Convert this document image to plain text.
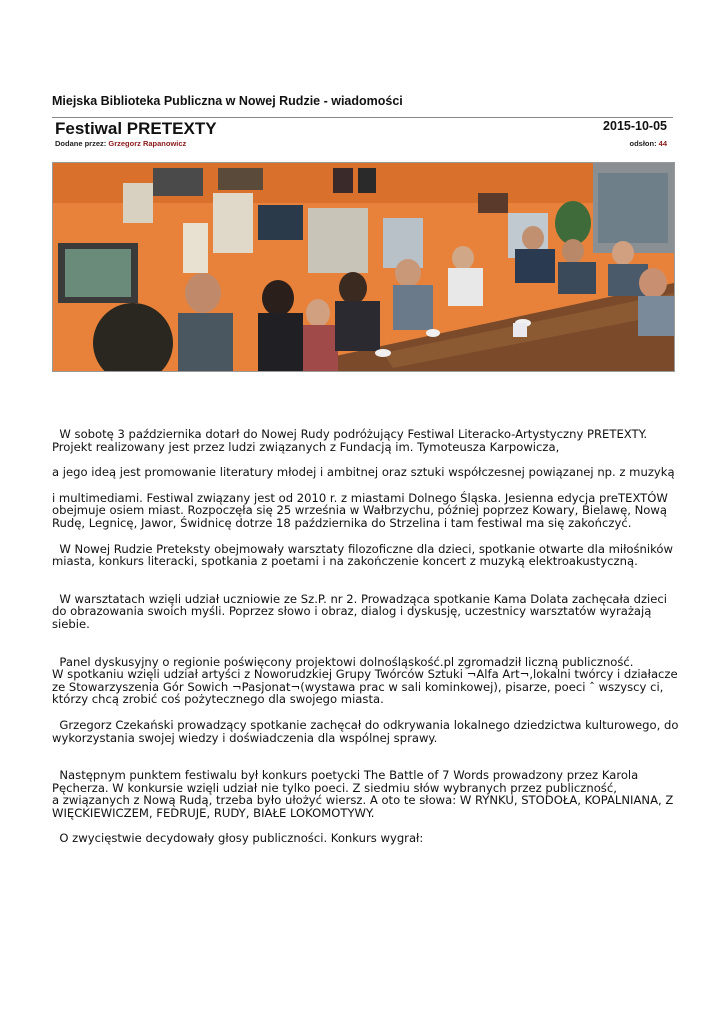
Miejska Biblioteka Publiczna w Nowej Rudzie - wiadomości
Festiwal PRETEXTY	2015-10-05
Dodane przez: Grzegorz Rapanowicz	odsłon: 44

W sobotę 3 października dotarł do Nowej Rudy podróżujący Festiwal Literacko-Artystyczny PRETEXTY. Projekt realizowany jest przez ludzi związanych z Fundacją im. Tymoteusza Karpowicza,

a jego ideą jest promowanie literatury młodej i ambitnej oraz sztuki współczesnej powiązanej np. z muzyką

i multimediami. Festiwal związany jest od 2010 r. z miastami Dolnego Śląska. Jesienna edycja preTEXTÓW obejmuje osiem miast. Rozpoczęła się 25 września w Wałbrzychu, później poprzez Kowary, Bielawę, Nową Rudę, Legnicę, Jawor, Świdnicę dotrze 18 października do Strzelina i tam festiwal ma się zakończyć.

W Nowej Rudzie Preteksty obejmowały warsztaty filozoficzne dla dzieci, spotkanie otwarte dla miłośników miasta, konkurs literacki, spotkania z poetami i na zakończenie koncert z muzyką elektroakustyczną.

W warsztatach wzięli udział uczniowie ze Sz.P. nr 2. Prowadząca spotkanie Kama Dolata zachęcała dzieci do obrazowania swoich myśli. Poprzez słowo i obraz, dialog i dyskusję, uczestnicy warsztatów wyrażają siebie.

Panel dyskusyjny o regionie poświęcony projektowi dolnośląskość.pl zgromadził liczną publiczność.
W spotkaniu wzięli udział artyści z Noworudzkiej Grupy Twórców Sztuki ¬Alfa Art¬,lokalni twórcy i działacze ze Stowarzyszenia Gór Sowich ¬Pasjonat¬(wystawa prac w sali kominkowej), pisarze, poeci ˆ wszyscy ci, którzy chcą zrobić coś pożytecznego dla swojego miasta.

Grzegorz Czekański prowadzący spotkanie zachęcał do odkrywania lokalnego dziedzictwa kulturowego, do wykorzystania swojej wiedzy i doświadczenia dla wspólnej sprawy.

Następnym punktem festiwalu był konkurs poetycki The Battle of 7 Words prowadzony przez Karola Pęcherza. W konkursie wzięli udział nie tylko poeci. Z siedmiu słów wybranych przez publiczność,
a związanych z Nową Rudą, trzeba było ułożyć wiersz. A oto te słowa: W RYNKU, STODOŁA, KOPALNIANA, Z WIĘCKIEWICZEM, FEDRUJE, RUDY, BIAŁE LOKOMOTYWY.

O zwycięstwie decydowały głosy publiczności. Konkurs wygrał:
